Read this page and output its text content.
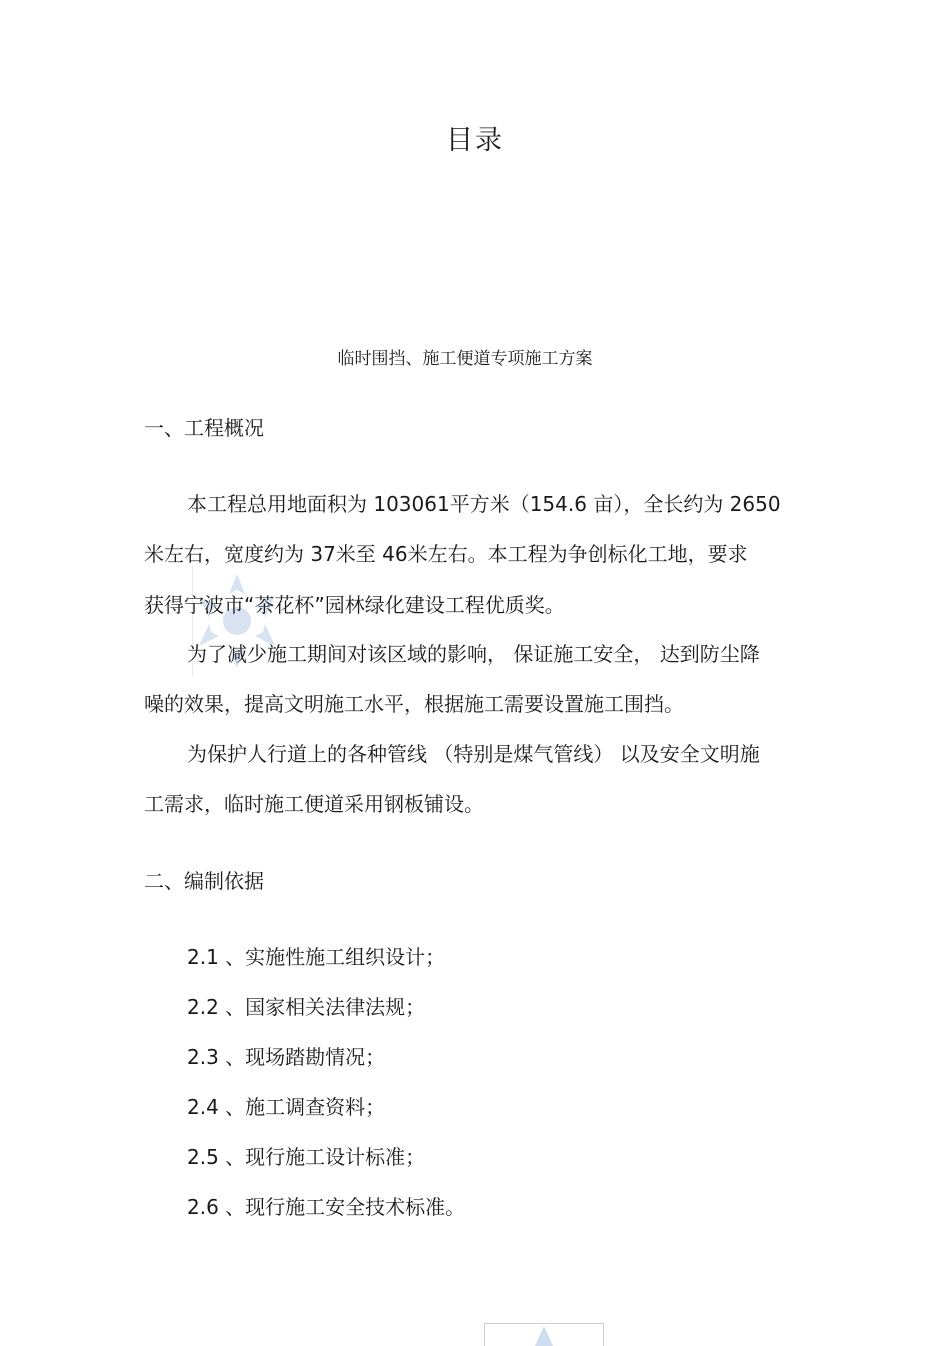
目录
临时围挡、施工便道专项施工方案
一、工程概况
本工程总用地面积为 103061平方米（154.6 亩），全长约为 2650
米左右，宽度约为 37米至 46米左右。本工程为争创标化工地，要求
获得宁波市“茶花杯”园林绿化建设工程优质奖。
为了减少施工期间对该区域的影响， 保证施工安全， 达到防尘降
噪的效果，提高文明施工水平，根据施工需要设置施工围挡。
为保护人行道上的各种管线 （特别是煤气管线） 以及安全文明施
工需求，临时施工便道采用钢板铺设。
二、编制依据
2.1 、实施性施工组织设计；
2.2 、国家相关法律法规；
2.3 、现场踏勘情况；
2.4 、施工调查资料；
2.5 、现行施工设计标准；
2.6 、现行施工安全技术标准。
